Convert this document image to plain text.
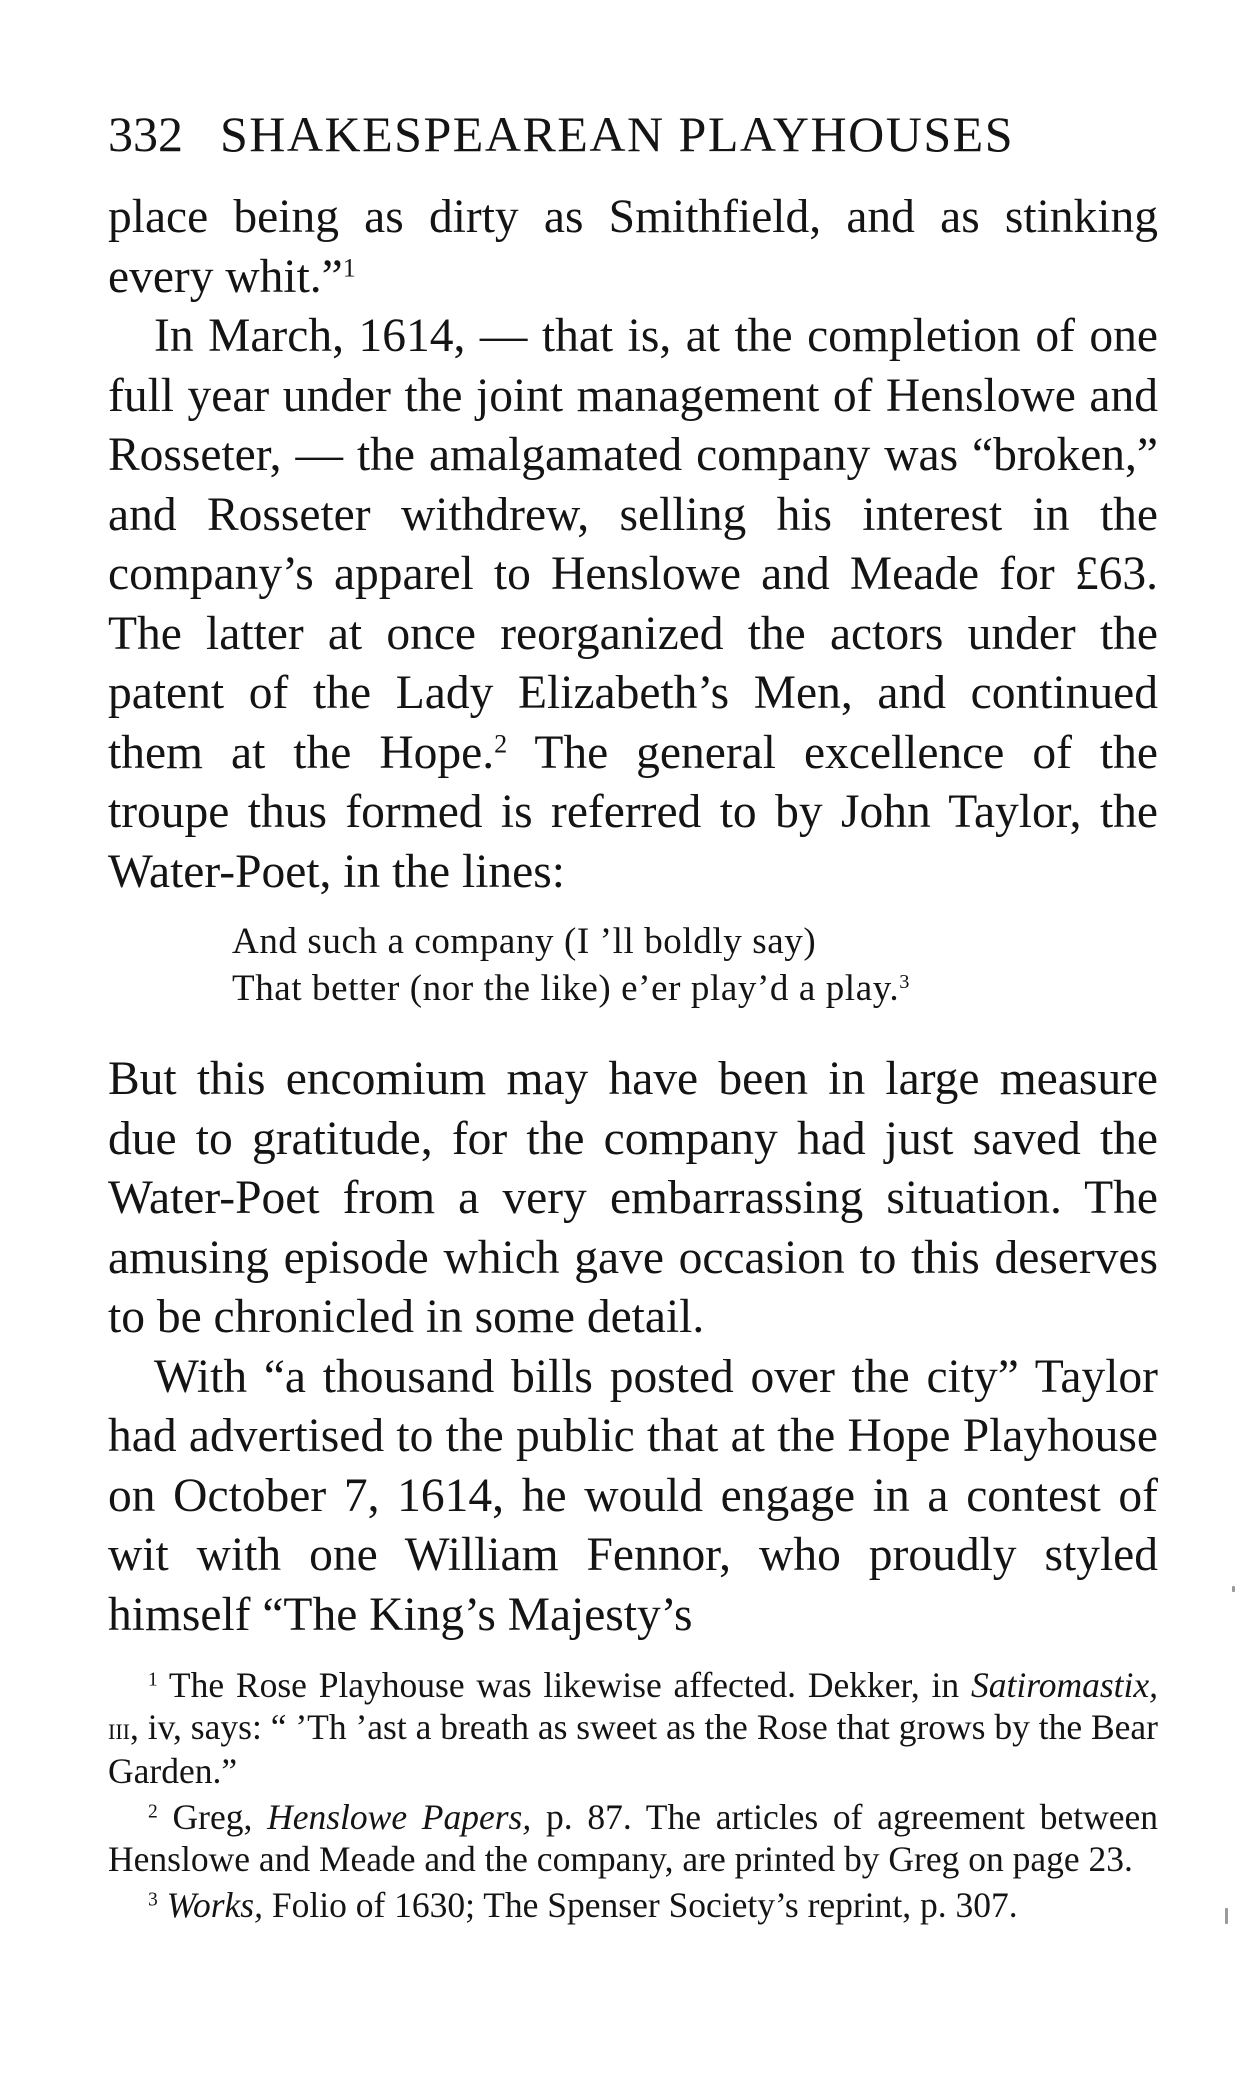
332 SHAKESPEAREAN PLAYHOUSES

place being as dirty as Smithfield, and as stinking every whit.”$^1$

In March, 1614, — that is, at the completion of one full year under the joint management of Henslowe and Rosseter, — the amalgamated company was “broken,” and Rosseter withdrew, selling his interest in the company’s apparel to Henslowe and Meade for £63. The latter at once reorganized the actors under the patent of the Lady Elizabeth’s Men, and continued them at the Hope.$^2$ The general excellence of the troupe thus formed is referred to by John Taylor, the Water-Poet, in the lines:

And such a company (I ’ll boldly say)
That better (nor the like) e’er play’d a play.$^3$

But this encomium may have been in large measure due to gratitude, for the company had just saved the Water-Poet from a very embarrassing situation. The amusing episode which gave occasion to this deserves to be chronicled in some detail.

With “a thousand bills posted over the city” Taylor had advertised to the public that at the Hope Playhouse on October 7, 1614, he would engage in a contest of wit with one William Fennor, who proudly styled himself “The King’s Majesty’s

$^1$ The Rose Playhouse was likewise affected. Dekker, in Satiromastix, iii, iv, says: “ ’Th ’ast a breath as sweet as the Rose that grows by the Bear Garden.”

$^2$ Greg, Henslowe Papers, p. 87. The articles of agreement between Henslowe and Meade and the company, are printed by Greg on page 23.

$^3$ Works, Folio of 1630; The Spenser Society’s reprint, p. 307.
